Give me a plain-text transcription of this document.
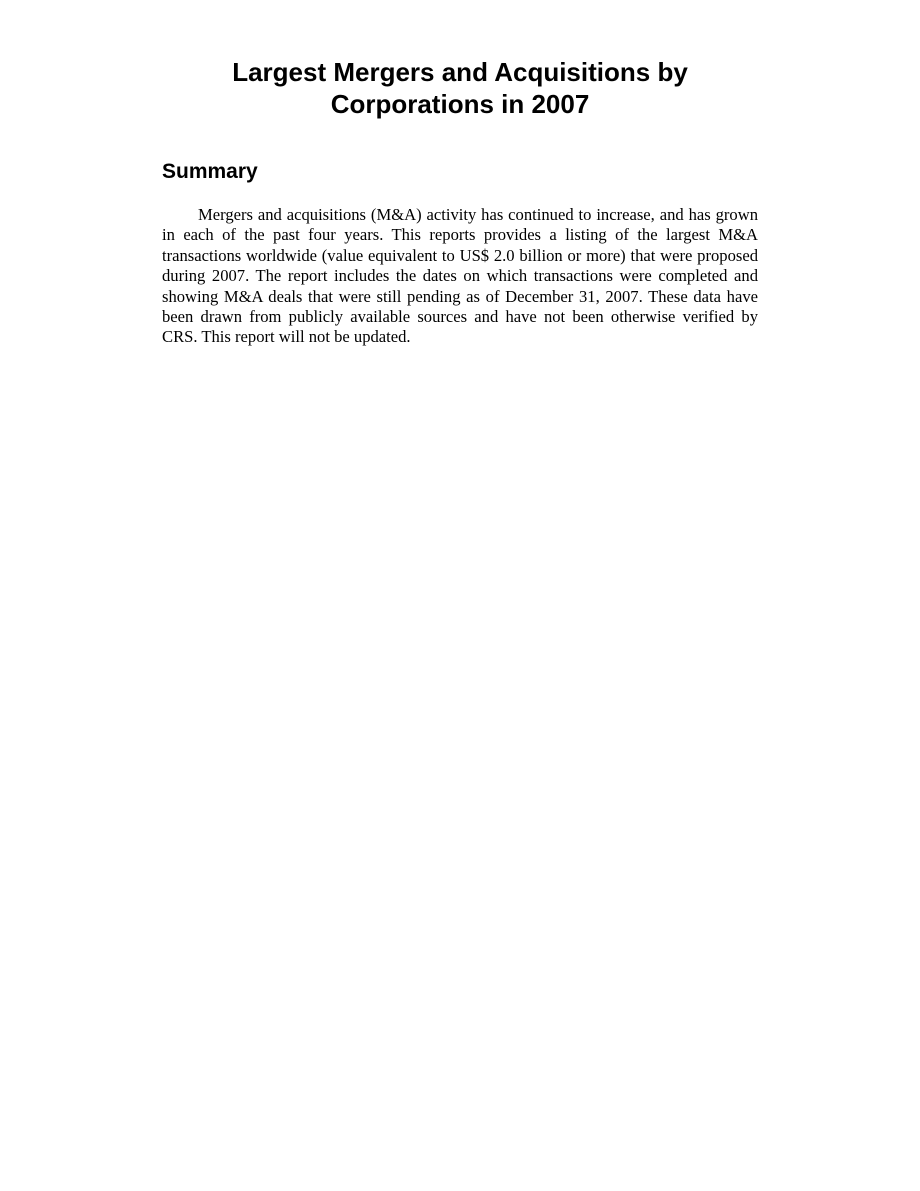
Largest Mergers and Acquisitions by
Corporations in 2007
Summary

Mergers and acquisitions (M&A) activity has continued to increase, and has grown in each of the past four years. This reports provides a listing of the largest M&A transactions worldwide (value equivalent to US$ 2.0 billion or more) that were proposed during 2007. The report includes the dates on which transactions were completed and showing M&A deals that were still pending as of December 31, 2007. These data have been drawn from publicly available sources and have not been otherwise verified by CRS. This report will not be updated.
